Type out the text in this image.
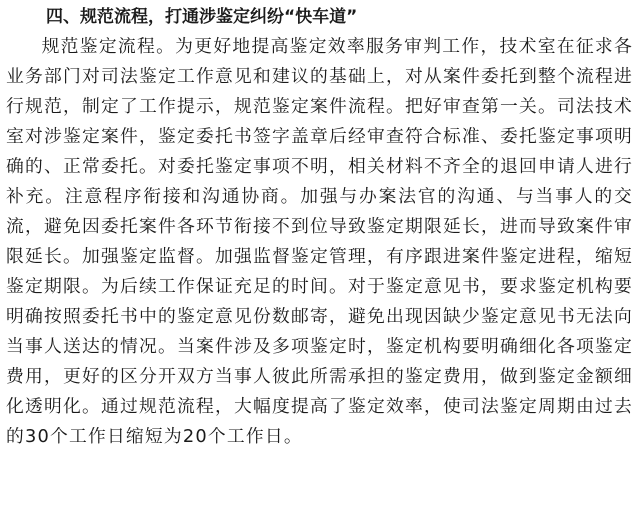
四、规范流程，打通涉鉴定纠纷“快车道”

规范鉴定流程。为更好地提高鉴定效率服务审判工作，技术室在征求各业务部门对司法鉴定工作意见和建议的基础上，对从案件委托到整个流程进行规范，制定了工作提示，规范鉴定案件流程。把好审查第一关。司法技术室对涉鉴定案件，鉴定委托书签字盖章后经审查符合标准、委托鉴定事项明确的、正常委托。对委托鉴定事项不明，相关材料不齐全的退回申请人进行补充。注意程序衔接和沟通协商。加强与办案法官的沟通、与当事人的交流，避免因委托案件各环节衔接不到位导致鉴定期限延长，进而导致案件审限延长。加强鉴定监督。加强监督鉴定管理，有序跟进案件鉴定进程，缩短鉴定期限。为后续工作保证充足的时间。对于鉴定意见书，要求鉴定机构要明确按照委托书中的鉴定意见份数邮寄，避免出现因缺少鉴定意见书无法向当事人送达的情况。当案件涉及多项鉴定时，鉴定机构要明确细化各项鉴定费用，更好的区分开双方当事人彼此所需承担的鉴定费用，做到鉴定金额细化透明化。通过规范流程，大幅度提高了鉴定效率，使司法鉴定周期由过去的30个工作日缩短为20个工作日。
